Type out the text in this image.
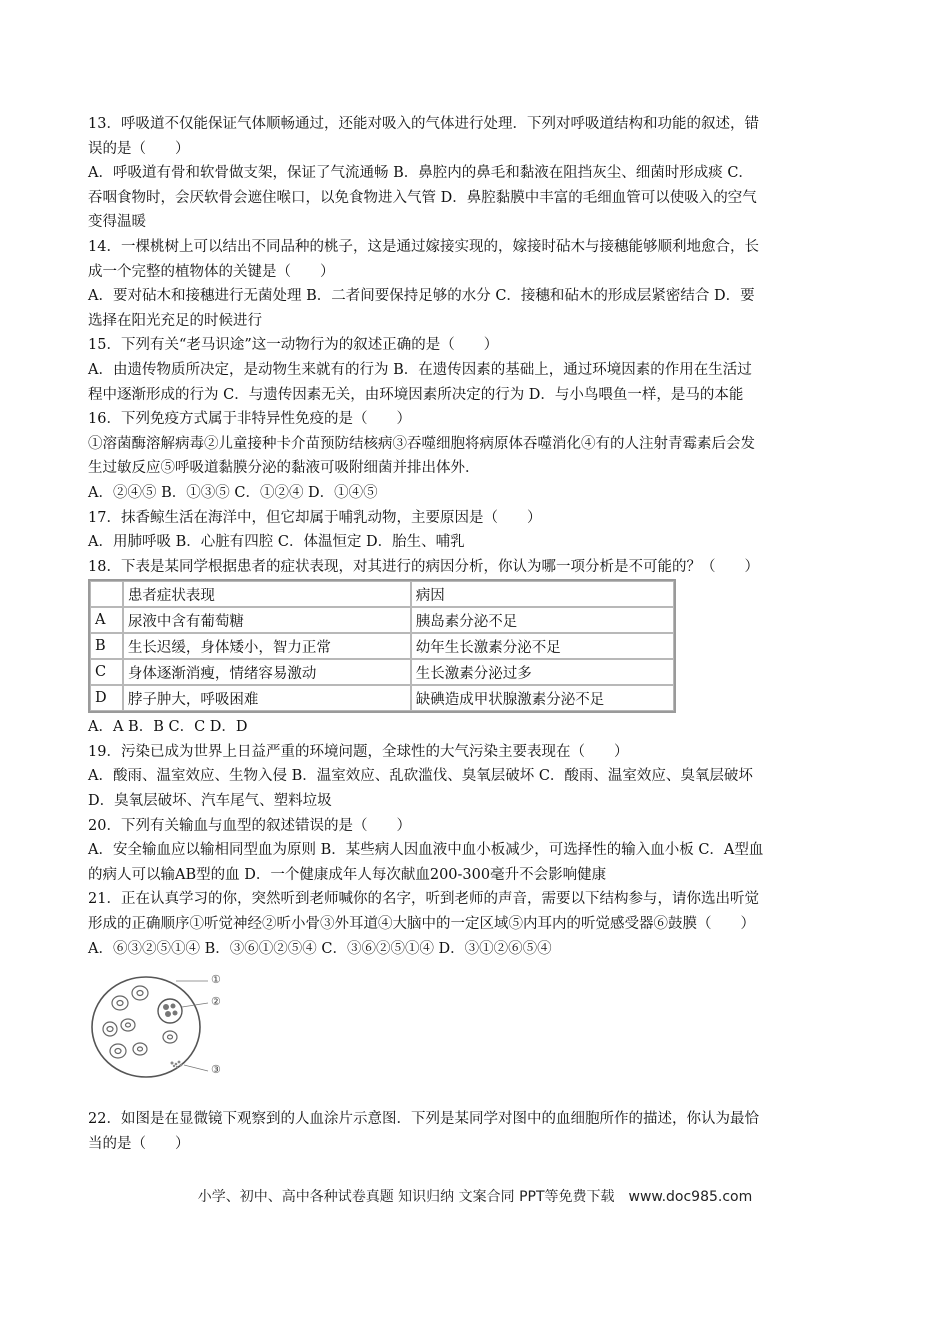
13．呼吸道不仅能保证气体顺畅通过，还能对吸入的气体进行处理．下列对呼吸道结构和功能的叙述，错
误的是（　　）
A．呼吸道有骨和软骨做支架，保证了气流通畅 B．鼻腔内的鼻毛和黏液在阻挡灰尘、细菌时形成痰 C．
吞咽食物时，会厌软骨会遮住喉口，以免食物进入气管 D．鼻腔黏膜中丰富的毛细血管可以使吸入的空气
变得温暖
14．一棵桃树上可以结出不同品种的桃子，这是通过嫁接实现的，嫁接时砧木与接穗能够顺利地愈合，长
成一个完整的植物体的关键是（　　）
A．要对砧木和接穗进行无菌处理 B．二者间要保持足够的水分 C．接穗和砧木的形成层紧密结合 D．要
选择在阳光充足的时候进行
15．下列有关“老马识途”这一动物行为的叙述正确的是（　　）
A．由遗传物质所决定，是动物生来就有的行为 B．在遗传因素的基础上，通过环境因素的作用在生活过
程中逐渐形成的行为 C．与遗传因素无关，由环境因素所决定的行为 D．与小鸟喂鱼一样，是马的本能
16．下列免疫方式属于非特异性免疫的是（　　）
①溶菌酶溶解病毒②儿童接种卡介苗预防结核病③吞噬细胞将病原体吞噬消化④有的人注射青霉素后会发
生过敏反应⑤呼吸道黏膜分泌的黏液可吸附细菌并排出体外．
A．②④⑤ B．①③⑤ C．①②④ D．①④⑤
17．抹香鲸生活在海洋中，但它却属于哺乳动物，主要原因是（　　）
A．用肺呼吸 B．心脏有四腔 C．体温恒定 D．胎生、哺乳
18．下表是某同学根据患者的症状表现，对其进行的病因分析，你认为哪一项分析是不可能的？（　　）
	患者症状表现	病因
A	尿液中含有葡萄糖	胰岛素分泌不足
B	生长迟缓，身体矮小，智力正常	幼年生长激素分泌不足
C	身体逐渐消瘦，情绪容易激动	生长激素分泌过多
D	脖子肿大，呼吸困难	缺碘造成甲状腺激素分泌不足
A．A B．B C．C D．D
19．污染已成为世界上日益严重的环境问题，全球性的大气污染主要表现在（　　）
A．酸雨、温室效应、生物入侵 B．温室效应、乱砍滥伐、臭氧层破坏 C．酸雨、温室效应、臭氧层破坏
D．臭氧层破坏、汽车尾气、塑料垃圾
20．下列有关输血与血型的叙述错误的是（　　）
A．安全输血应以输相同型血为原则 B．某些病人因血液中血小板减少，可选择性的输入血小板 C．A型血
的病人可以输AB型的血 D．一个健康成年人每次献血200-300毫升不会影响健康
21．正在认真学习的你，突然听到老师喊你的名字，听到老师的声音，需要以下结构参与，请你选出听觉
形成的正确顺序①听觉神经②听小骨③外耳道④大脑中的一定区域⑤内耳内的听觉感受器⑥鼓膜（　　）
A．⑥③②⑤①④ B．③⑥①②⑤④ C．③⑥②⑤①④ D．③①②⑥⑤④
①
②
③
22．如图是在显微镜下观察到的人血涂片示意图．下列是某同学对图中的血细胞所作的描述，你认为最恰
当的是（　　）
小学、初中、高中各种试卷真题 知识归纳 文案合同 PPT等免费下载　www.doc985.com
